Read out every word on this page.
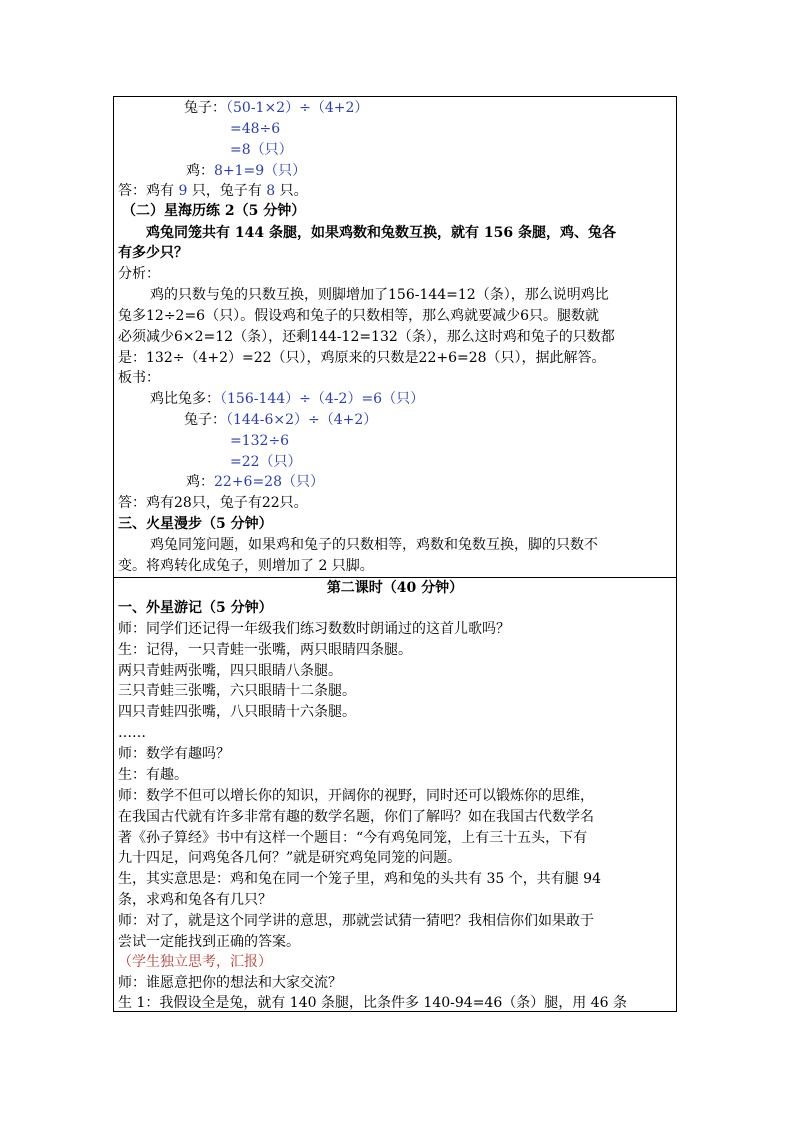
兔子：（50-1×2）÷（4+2）
=48÷6
=8（只）
鸡：8+1=9（只）
答：鸡有 9 只，兔子有 8 只。
（二）星海历练 2（5 分钟）
鸡兔同笼共有 144 条腿，如果鸡数和兔数互换，就有 156 条腿，鸡、兔各
有多少只？
分析：
鸡的只数与兔的只数互换，则脚增加了156-144=12（条），那么说明鸡比
兔多12÷2=6（只）。假设鸡和兔子的只数相等，那么鸡就要减少6只。腿数就
必须减少6×2=12（条），还剩144-12=132（条），那么这时鸡和兔子的只数都
是：132÷（4+2）=22（只），鸡原来的只数是22+6=28（只），据此解答。
板书：
鸡比兔多：（156-144）÷（4-2）=6（只）
兔子：（144-6×2）÷（4+2）
=132÷6
=22（只）
鸡：22+6=28（只）
答：鸡有28只，兔子有22只。
三、火星漫步（5 分钟）
鸡兔同笼问题，如果鸡和兔子的只数相等，鸡数和兔数互换，脚的只数不
变。将鸡转化成兔子，则增加了 2 只脚。
第二课时（40 分钟）
一、外星游记（5 分钟）
师：同学们还记得一年级我们练习数数时朗诵过的这首儿歌吗？
生：记得，一只青蛙一张嘴，两只眼睛四条腿。
两只青蛙两张嘴，四只眼睛八条腿。
三只青蛙三张嘴，六只眼睛十二条腿。
四只青蛙四张嘴，八只眼睛十六条腿。
……
师：数学有趣吗？
生：有趣。
师：数学不但可以增长你的知识，开阔你的视野，同时还可以锻炼你的思维，
在我国古代就有许多非常有趣的数学名题，你们了解吗？如在我国古代数学名
著《孙子算经》书中有这样一个题目：“今有鸡兔同笼，上有三十五头，下有
九十四足，问鸡兔各几何？”就是研究鸡兔同笼的问题。
生，其实意思是：鸡和兔在同一个笼子里，鸡和兔的头共有 35 个，共有腿 94
条，求鸡和兔各有几只？
师：对了，就是这个同学讲的意思，那就尝试猜一猜吧？我相信你们如果敢于
尝试一定能找到正确的答案。
（学生独立思考，汇报）
师：谁愿意把你的想法和大家交流？
生 1：我假设全是兔，就有 140 条腿，比条件多 140-94=46（条）腿，用 46 条
